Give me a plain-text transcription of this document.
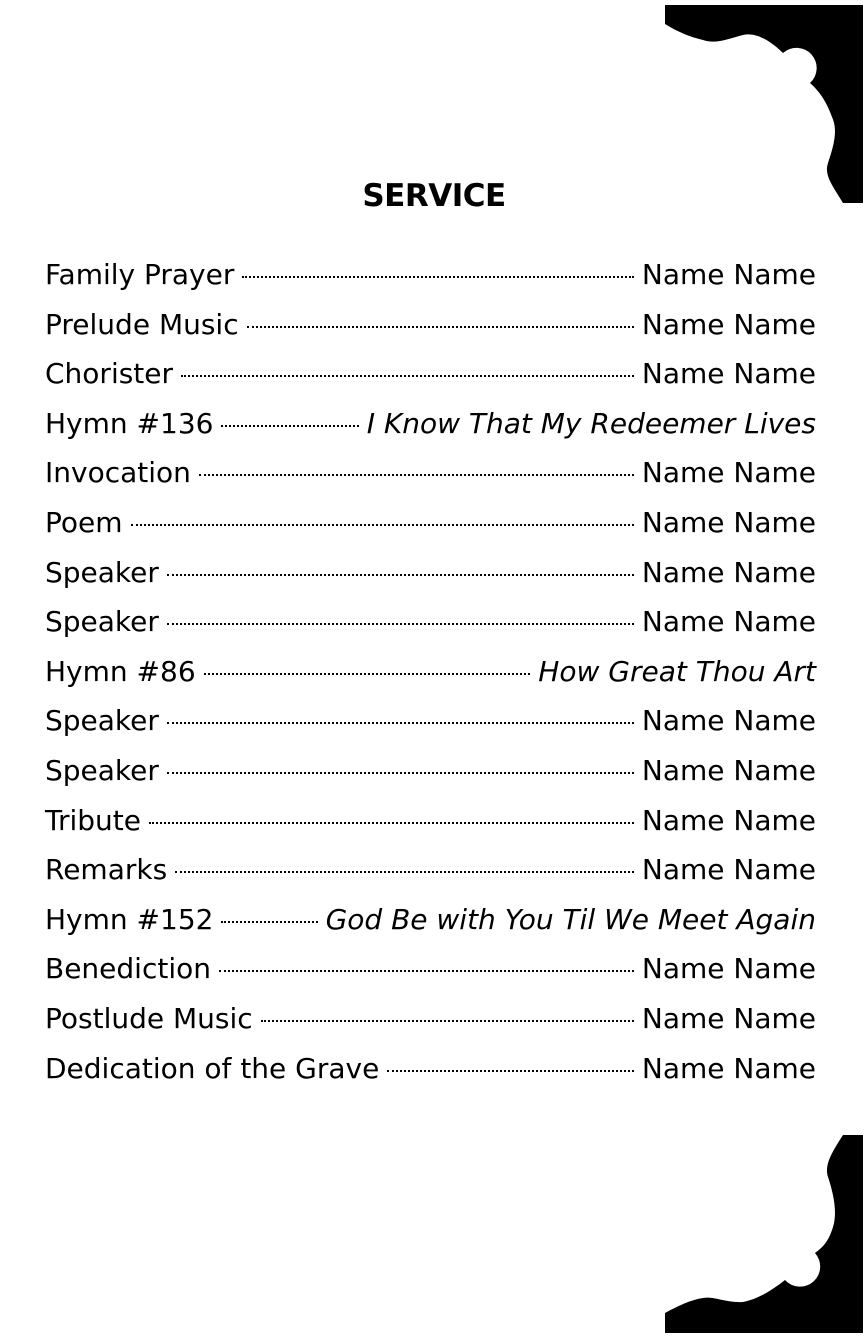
SERVICE
Family Prayer	Name Name
Prelude Music	Name Name
Chorister	Name Name
Hymn #136	I Know That My Redeemer Lives
Invocation	Name Name
Poem	Name Name
Speaker	Name Name
Speaker	Name Name
Hymn #86	How Great Thou Art
Speaker	Name Name
Speaker	Name Name
Tribute	Name Name
Remarks	Name Name
Hymn #152	God Be with You Til We Meet Again
Benediction	Name Name
Postlude Music	Name Name
Dedication of the Grave	Name Name
